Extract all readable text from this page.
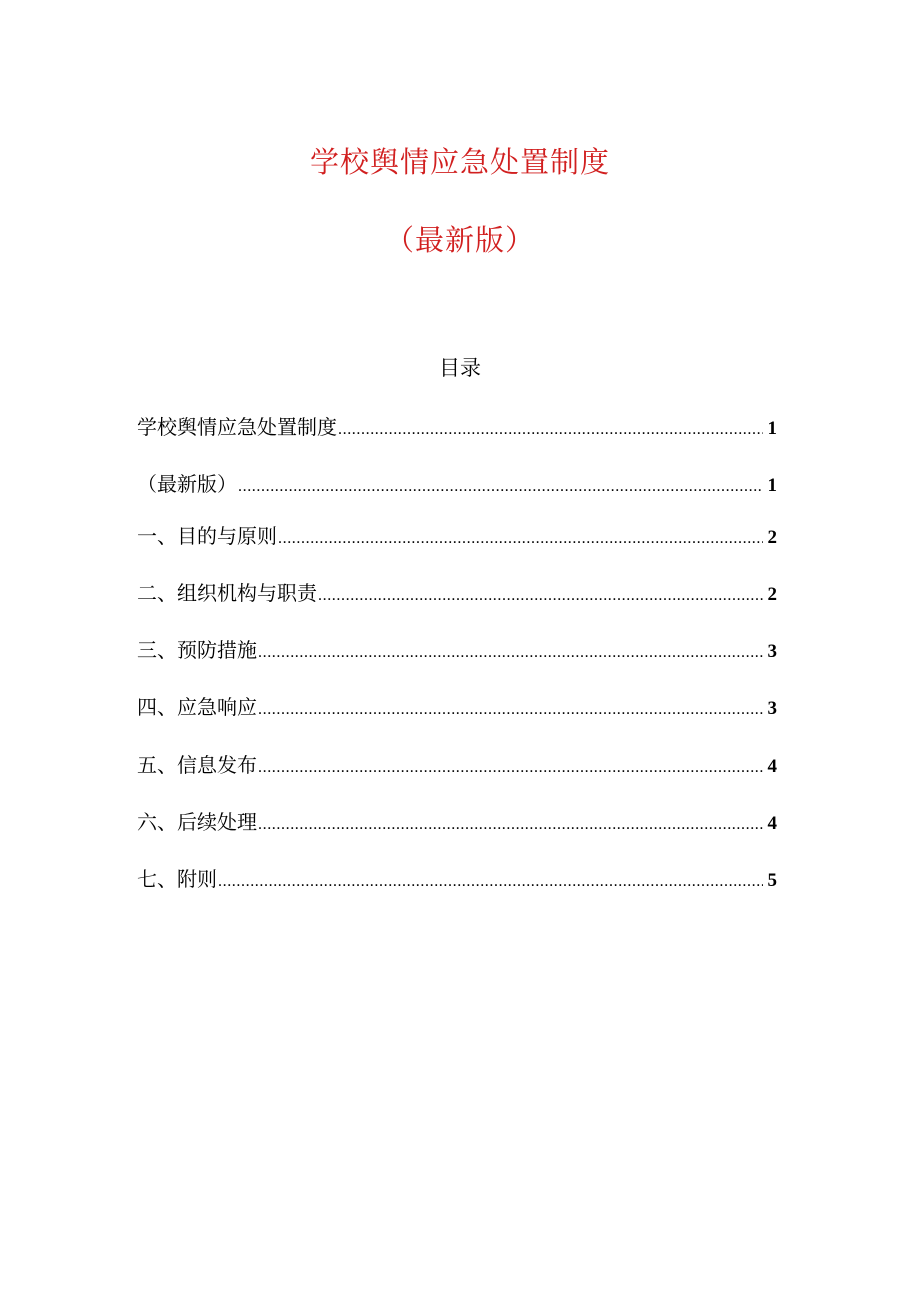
学校舆情应急处置制度
（最新版）
目录
学校舆情应急处置制度 .....	1
（最新版） .....	1
一、目的与原则 .....	2
二、组织机构与职责 .....	2
三、预防措施 .....	3
四、应急响应 .....	3
五、信息发布 .....	4
六、后续处理 .....	4
七、附则 .....	5
